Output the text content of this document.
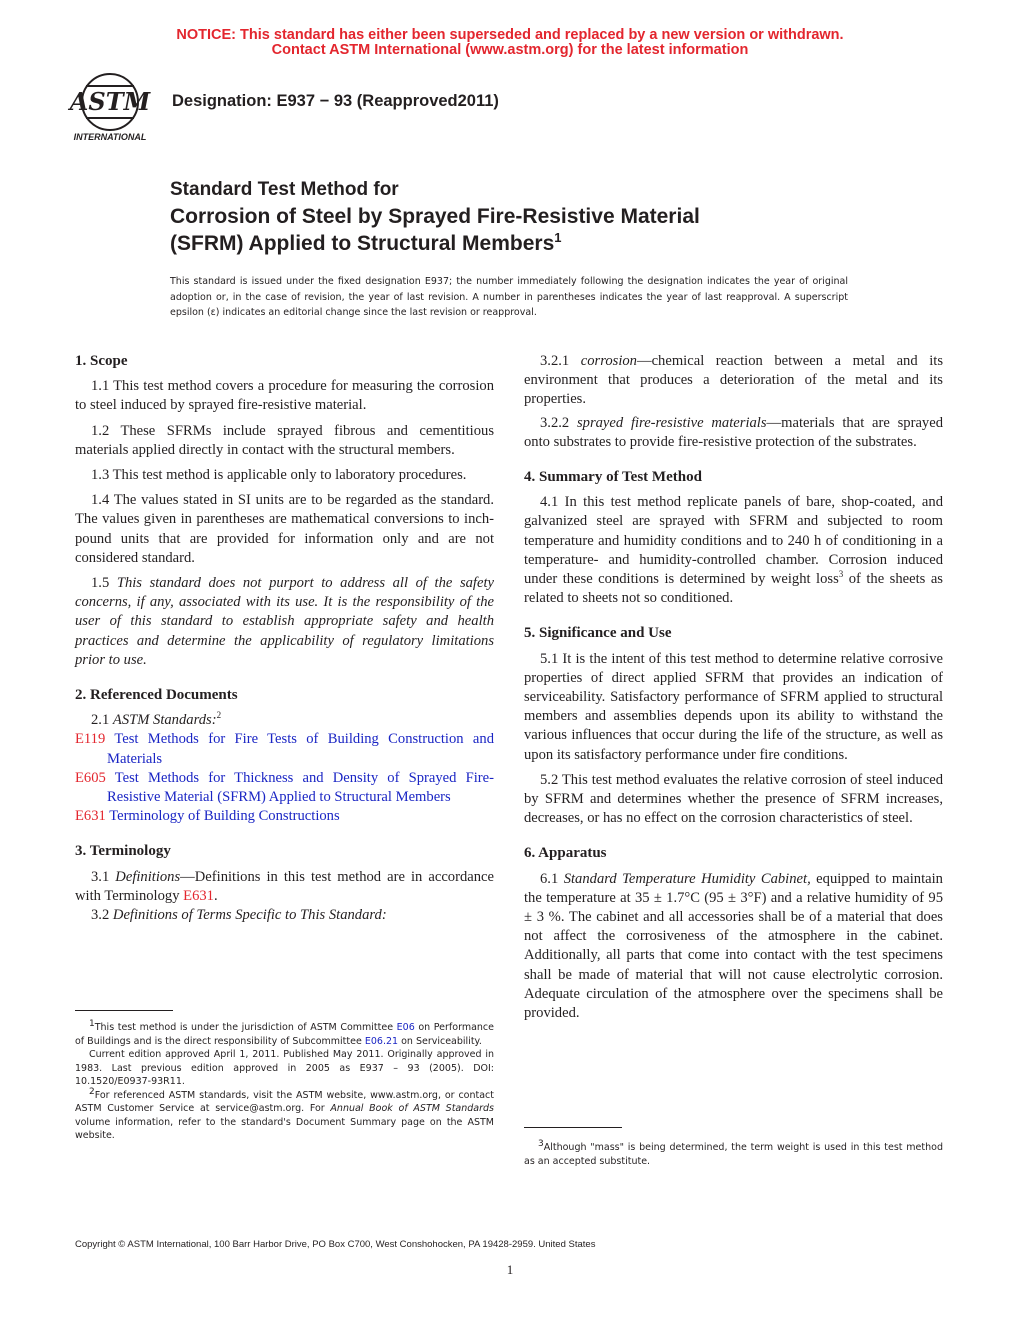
NOTICE: This standard has either been superseded and replaced by a new version or withdrawn.
Contact ASTM International (www.astm.org) for the latest information
ASTM
INTERNATIONAL
Designation: E937 − 93 (Reapproved2011)
Standard Test Method for
Corrosion of Steel by Sprayed Fire-Resistive Material
(SFRM) Applied to Structural Members$^1$
This standard is issued under the fixed designation E937; the number immediately following the designation indicates the year of original adoption or, in the case of revision, the year of last revision. A number in parentheses indicates the year of last reapproval. A superscript epsilon (ε) indicates an editorial change since the last revision or reapproval.

1. Scope

1.1 This test method covers a procedure for measuring the corrosion to steel induced by sprayed fire-resistive material.

1.2 These SFRMs include sprayed fibrous and cementitious materials applied directly in contact with the structural members.

1.3 This test method is applicable only to laboratory procedures.

1.4 The values stated in SI units are to be regarded as the standard. The values given in parentheses are mathematical conversions to inch-pound units that are provided for information only and are not considered standard.

1.5 This standard does not purport to address all of the safety concerns, if any, associated with its use. It is the responsibility of the user of this standard to establish appropriate safety and health practices and determine the applicability of regulatory limitations prior to use.

2. Referenced Documents

2.1 ASTM Standards:$^2$

E119 Test Methods for Fire Tests of Building Construction and Materials

E605 Test Methods for Thickness and Density of Sprayed Fire-Resistive Material (SFRM) Applied to Structural Members

E631 Terminology of Building Constructions

3. Terminology

3.1 Definitions—Definitions in this test method are in accordance with Terminology E631.

3.2 Definitions of Terms Specific to This Standard:

$^1$This test method is under the jurisdiction of ASTM Committee E06 on Performance of Buildings and is the direct responsibility of Subcommittee E06.21 on Serviceability.

Current edition approved April 1, 2011. Published May 2011. Originally approved in 1983. Last previous edition approved in 2005 as E937 – 93 (2005). DOI: 10.1520/E0937-93R11.

$^2$For referenced ASTM standards, visit the ASTM website, www.astm.org, or contact ASTM Customer Service at service@astm.org. For Annual Book of ASTM Standards volume information, refer to the standard's Document Summary page on the ASTM website.

3.2.1 corrosion—chemical reaction between a metal and its environment that produces a deterioration of the metal and its properties.

3.2.2 sprayed fire-resistive materials—materials that are sprayed onto substrates to provide fire-resistive protection of the substrates.

4. Summary of Test Method

4.1 In this test method replicate panels of bare, shop-coated, and galvanized steel are sprayed with SFRM and subjected to room temperature and humidity conditions and to 240 h of conditioning in a temperature- and humidity-controlled chamber. Corrosion induced under these conditions is determined by weight loss$^3$ of the sheets as related to sheets not so conditioned.

5. Significance and Use

5.1 It is the intent of this test method to determine relative corrosive properties of direct applied SFRM that provides an indication of serviceability. Satisfactory performance of SFRM applied to structural members and assemblies depends upon its ability to withstand the various influences that occur during the life of the structure, as well as upon its satisfactory performance under fire conditions.

5.2 This test method evaluates the relative corrosion of steel induced by SFRM and determines whether the presence of SFRM increases, decreases, or has no effect on the corrosion characteristics of steel.

6. Apparatus

6.1 Standard Temperature Humidity Cabinet, equipped to maintain the temperature at 35 ± 1.7°C (95 ± 3°F) and a relative humidity of 95 ± 3 %. The cabinet and all accessories shall be of a material that does not affect the corrosiveness of the atmosphere in the cabinet. Additionally, all parts that come into contact with the test specimens shall be made of material that will not cause electrolytic corrosion. Adequate circulation of the atmosphere over the specimens shall be provided.

$^3$Although "mass" is being determined, the term weight is used in this test method as an accepted substitute.

Copyright © ASTM International, 100 Barr Harbor Drive, PO Box C700, West Conshohocken, PA 19428-2959. United States
1
